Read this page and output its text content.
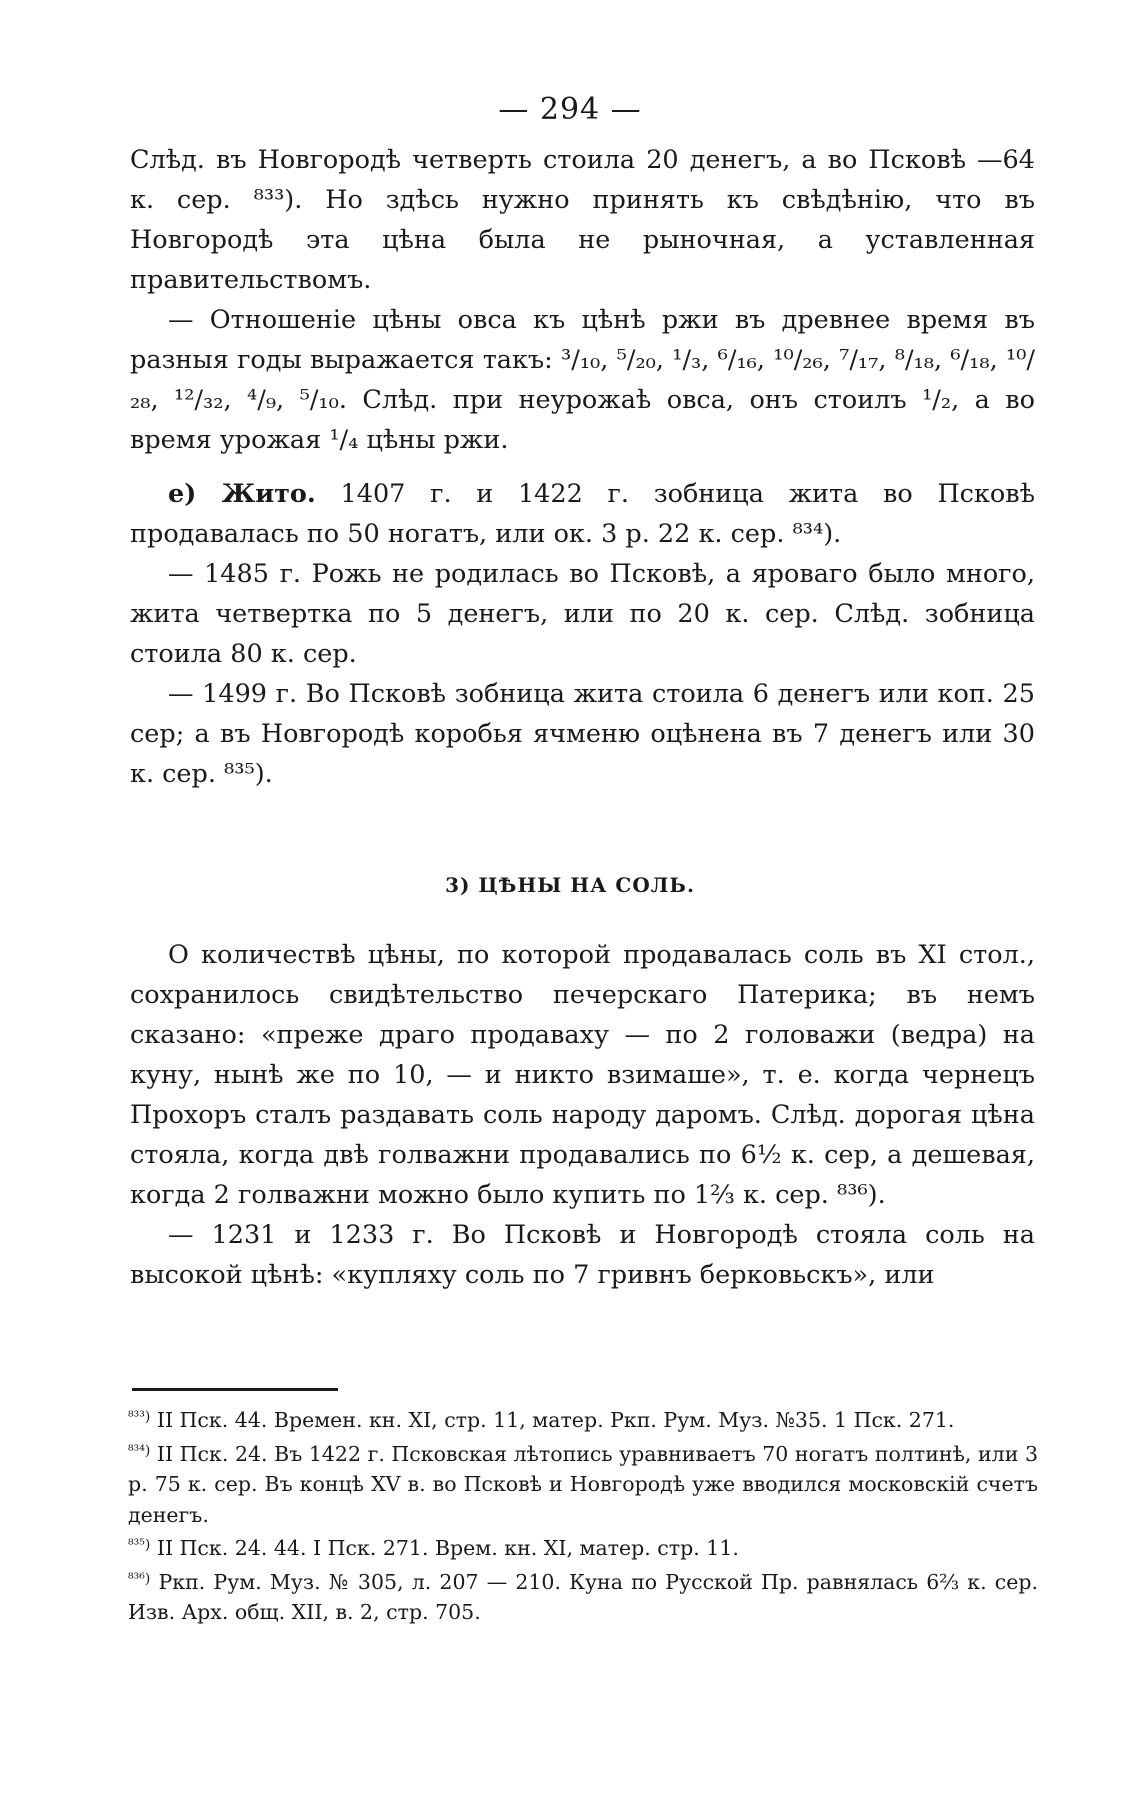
— 294 —

Слѣд. въ Новгородѣ четверть стоила 20 денегъ, а во Псковѣ —64 к. сер. ⁸³³). Но здѣсь нужно принять къ свѣдѣнію, что въ Новгородѣ эта цѣна была не рыночная, а уставленная правительствомъ.

— Отношеніе цѣны овса къ цѣнѣ ржи въ древнее время въ разныя годы выражается такъ: ³/₁₀, ⁵/₂₀, ¹/₃, ⁶/₁₆, ¹⁰/₂₆, ⁷/₁₇, ⁸/₁₈, ⁶/₁₈, ¹⁰/₂₈, ¹²/₃₂, ⁴/₉, ⁵/₁₀. Слѣд. при неурожаѣ овса, онъ стоилъ ¹/₂, а во время урожая ¹/₄ цѣны ржи.

е) Жито. 1407 г. и 1422 г. зобница жита во Псковѣ продавалась по 50 ногатъ, или ок. 3 р. 22 к. сер. ⁸³⁴).

— 1485 г. Рожь не родилась во Псковѣ, а яроваго было много, жита четвертка по 5 денегъ, или по 20 к. сер. Слѣд. зобница стоила 80 к. сер.

— 1499 г. Во Псковѣ зобница жита стоила 6 денегъ или коп. 25 сер; а въ Новгородѣ коробья ячменю оцѣнена въ 7 денегъ или 30 к. сер. ⁸³⁵).

3) ЦѢНЫ НА СОЛЬ.

О количествѣ цѣны, по которой продавалась соль въ XI стол., сохранилось свидѣтельство печерскаго Патерика; въ немъ сказано: «преже драго продаваху — по 2 головажи (ведра) на куну, нынѣ же по 10, — и никто взимаше», т. е. когда чернецъ Прохоръ сталъ раздавать соль народу даромъ. Слѣд. дорогая цѣна стояла, когда двѣ голважни продавались по 6½ к. сер, а дешевая, когда 2 голважни можно было купить по 1⅔ к. сер. ⁸³⁶).

— 1231 и 1233 г. Во Псковѣ и Новгородѣ стояла соль на высокой цѣнѣ: «купляху соль по 7 гривнъ берковьскъ», или

$^{^{833})}$ II Пск. 44. Времен. кн. XI, стр. 11, матер. Ркп. Рум. Муз. №35. 1 Пск. 271.

$^{^{834})}$ II Пск. 24. Въ 1422 г. Псковская лѣтопись уравниваетъ 70 ногатъ полтинѣ, или 3 р. 75 к. сер. Въ концѣ XV в. во Псковѣ и Новгородѣ уже вводился московскій счетъ денегъ.

$^{^{835})}$ II Пск. 24. 44. I Пск. 271. Врем. кн. XI, матер. стр. 11.

$^{^{836})}$ Ркп. Рум. Муз. № 305, л. 207 — 210. Куна по Русской Пр. равнялась 6⅔ к. сер. Изв. Арх. общ. XII, в. 2, стр. 705.
